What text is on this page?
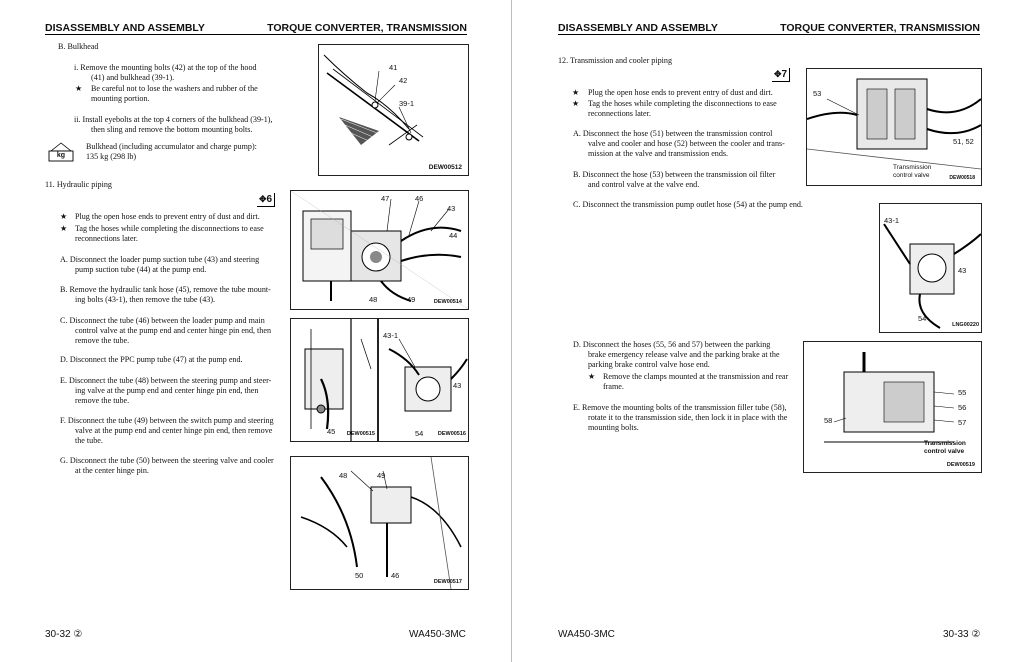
DISASSEMBLY AND ASSEMBLY	TORQUE CONVERTER, TRANSMISSION
B. Bulkhead
i. Remove the mounting bolts (42) at the top of the hood
(41) and bulkhead (39-1).
★ Be careful not to lose the washers and rubber of the
mounting portion.
ii. Install eyebolts at the top 4 corners of the bulkhead (39-1),
then sling and remove the bottom mounting bolts.
kg
Bulkhead (including accumulator and charge pump):
135 kg (298 lb)
11. Hydraulic piping
✥6
★ Plug the open hose ends to prevent entry of dust and dirt.
★ Tag the hoses while completing the disconnections to ease
reconnections later.
A. Disconnect the loader pump suction tube (43) and steering
pump suction tube (44) at the pump end.
B. Remove the hydraulic tank hose (45), remove the tube mount-
ing bolts (43-1), then remove the tube (43).
C. Disconnect the tube (46) between the loader pump and main
control valve at the pump end and center hinge pin end, then
remove the tube.
D. Disconnect the PPC pump tube (47) at the pump end.
E. Disconnect the tube (48) between the steering pump and steer-
ing valve at the pump end and center hinge pin end, then
remove the tube.
F. Disconnect the tube (49) between the switch pump and steering
valve at the pump end and center hinge pin end, then remove
the tube.
G. Disconnect the tube (50) between the steering valve and cooler
at the center hinge pin.
41
42
39-1
DEW00512
47	46
43
44
48	49	DEW00514
45 DEW00515
43-1
43
54	DEW00516
48	49
50	46
DEW00517
30-32 ②	WA450-3MC
DISASSEMBLY AND ASSEMBLY	TORQUE CONVERTER, TRANSMISSION
12. Transmission and cooler piping
✥7
★ Plug the open hose ends to prevent entry of dust and dirt.
★ Tag the hoses while completing the disconnections to ease
reconnections later.
A. Disconnect the hose (51) between the transmission control
valve and cooler and hose (52) between the cooler and trans-
mission at the valve and transmission ends.
B. Disconnect the hose (53) between the transmission oil filter
and control valve at the valve end.
C. Disconnect the transmission pump outlet hose (54) at the pump end.
D. Disconnect the hoses (55, 56 and 57) between the parking
brake emergency release valve and the parking brake at the
parking brake control valve hose end.
★ Remove the clamps mounted at the transmission and rear
frame.
E. Remove the mounting bolts of the transmission filler tube (58),
rotate it to the transmission side, then lock it in place with the
mounting bolts.
53
51, 52
Transmission
control valve	DEW00518
43-1
43
54
LNG00220
55
56
57
58
Transmission
control valve
DEW00519
WA450-3MC	30-33 ②
